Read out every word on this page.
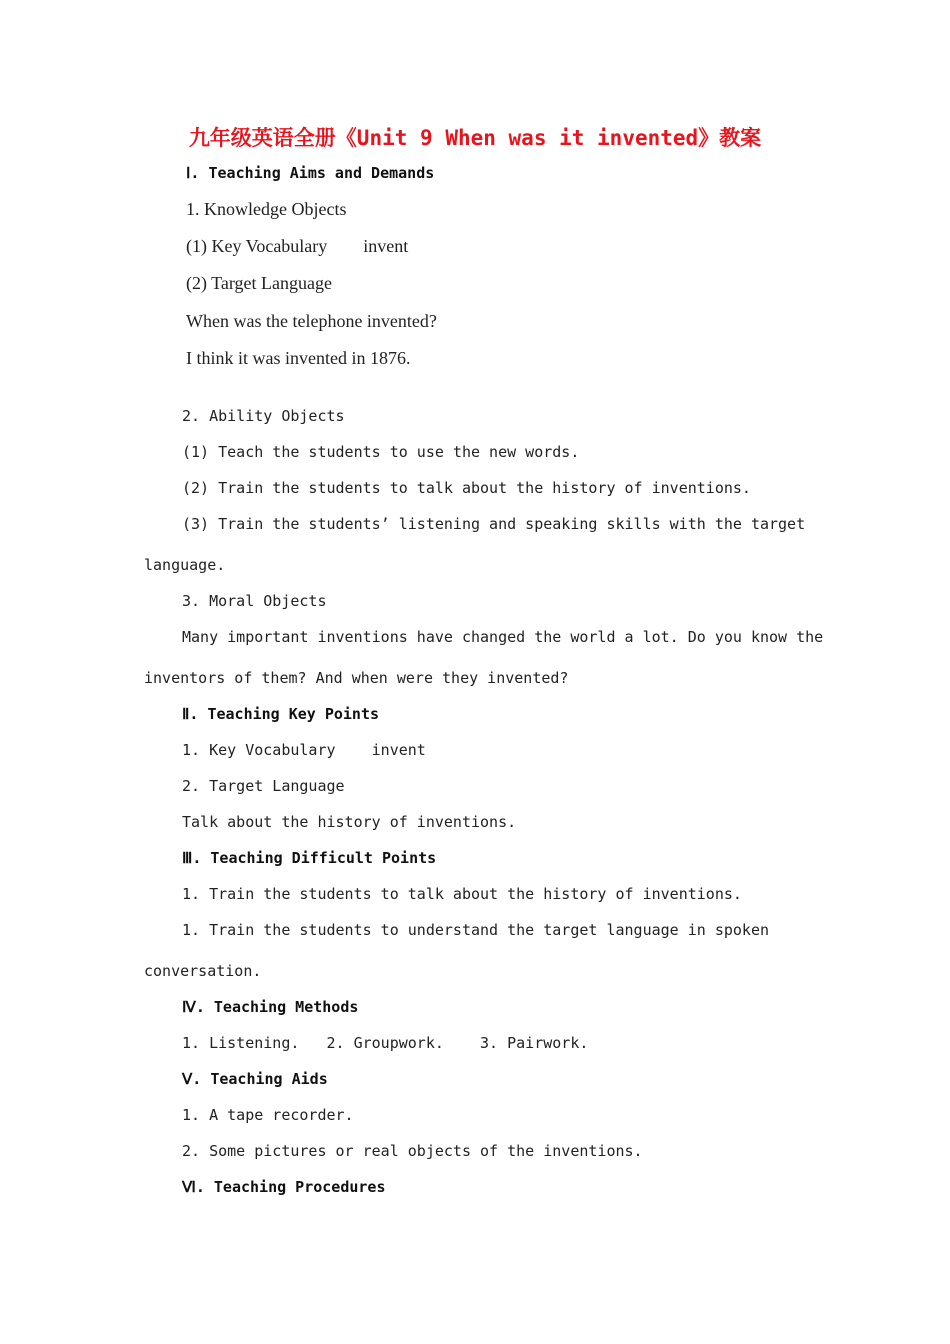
九年级英语全册《Unit 9 When was it invented》教案
Ⅰ. Teaching Aims and Demands
1. Knowledge Objects
(1) Key Vocabulary        invent
(2) Target Language
When was the telephone invented?
I think it was invented in 1876.
2. Ability Objects
(1) Teach the students to use the new words.
(2) Train the students to talk about the history of inventions.
(3) Train the students’ listening and speaking skills with the target
language.
3. Moral Objects
Many important inventions have changed the world a lot. Do you know the
inventors of them? And when were they invented?
Ⅱ. Teaching Key Points
1. Key Vocabulary    invent
2. Target Language
Talk about the history of inventions.
Ⅲ. Teaching Difficult Points
1. Train the students to talk about the history of inventions.
1. Train the students to understand the target language in spoken
conversation.
Ⅳ. Teaching Methods
1. Listening.   2. Groupwork.    3. Pairwork.
Ⅴ. Teaching Aids
1. A tape recorder.
2. Some pictures or real objects of the inventions.
Ⅵ. Teaching Procedures
